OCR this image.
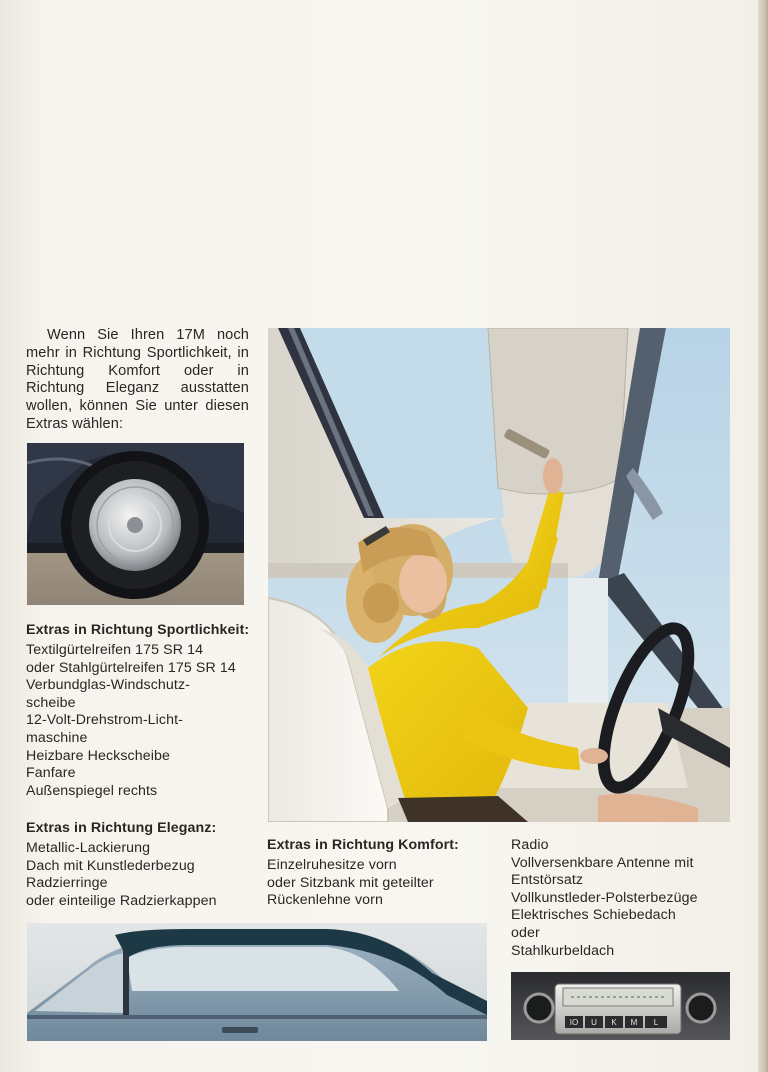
Wenn Sie Ihren 17M noch mehr in Richtung Sportlichkeit, in Richtung Komfort oder in Richtung Eleganz ausstatten wollen, können Sie unter diesen Extras wählen:
Extras in Richtung Sportlichkeit:
Textilgürtelreifen 175 SR 14
oder Stahlgürtelreifen 175 SR 14
Verbundglas-Windschutz-
scheibe
12-Volt-Drehstrom-Licht-
maschine
Heizbare Heckscheibe
Fanfare
Außenspiegel rechts
Extras in Richtung Eleganz:
Metallic-Lackierung
Dach mit Kunstlederbezug
Radzierringe
oder einteilige Radzierkappen
Extras in Richtung Komfort:
Einzelruhesitze vorn
oder Sitzbank mit geteilter
Rückenlehne vorn
Radio
Vollversenkbare Antenne mit
Entstörsatz
Vollkunstleder-Polsterbezüge
Elektrisches Schiebedach
oder
Stahlkurbeldach
IO U K M L
